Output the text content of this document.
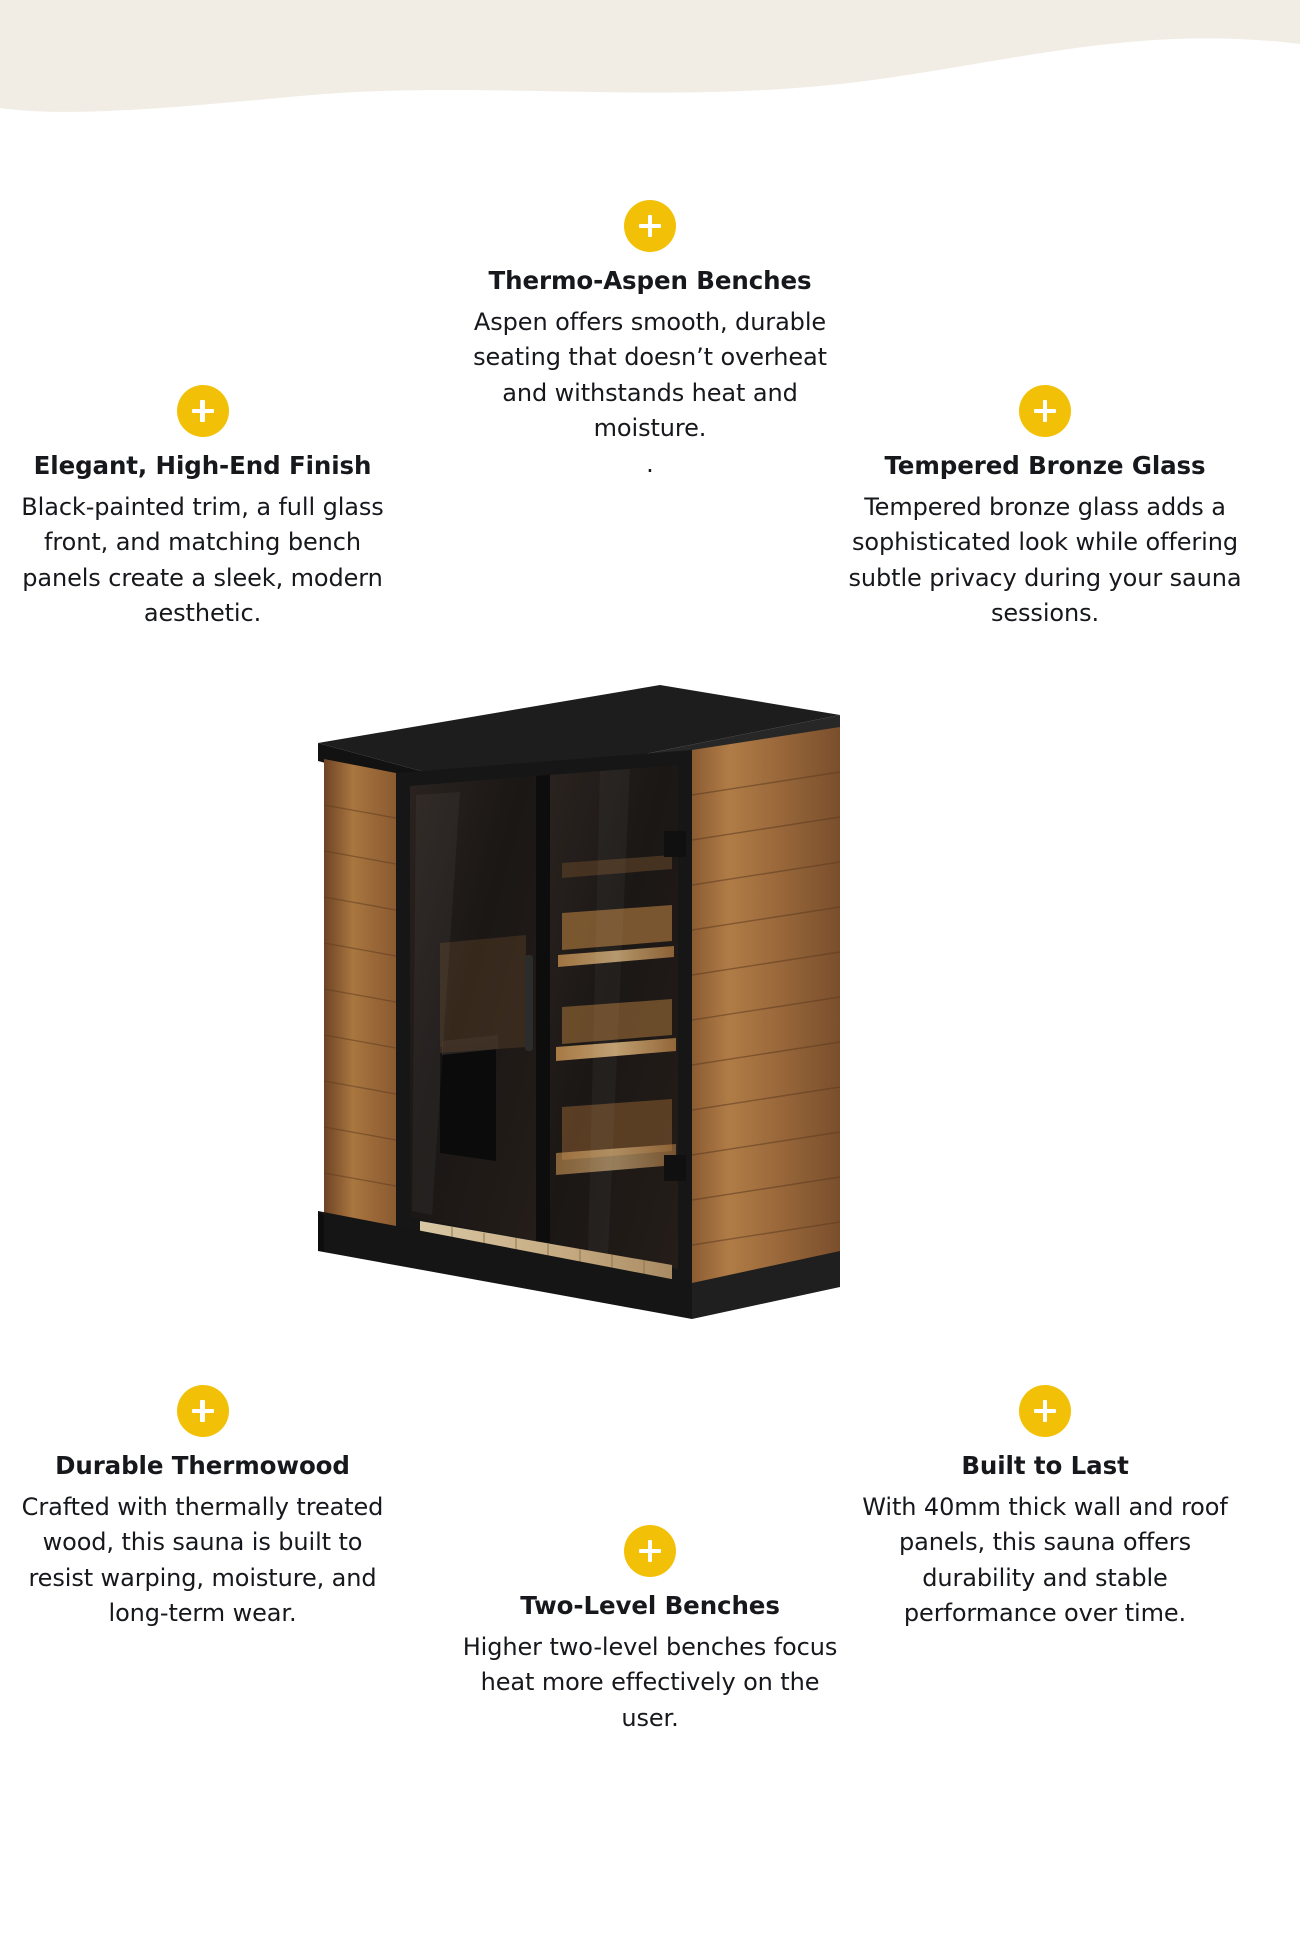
Thermo-Aspen Benches

Aspen offers smooth, durable seating that doesn’t overheat and withstands heat and moisture.

.
Elegant, High-End Finish

Black-painted trim, a full glass front, and matching bench panels create a sleek, modern aesthetic.

Tempered Bronze Glass

Tempered bronze glass adds a sophisticated look while offering subtle privacy during your sauna sessions.

Durable Thermowood

Crafted with thermally treated wood, this sauna is built to resist warping, moisture, and long-term wear.

Built to Last

With 40mm thick wall and roof panels, this sauna offers durability and stable performance over time.

Two-Level Benches

Higher two-level benches focus heat more effectively on the user.
